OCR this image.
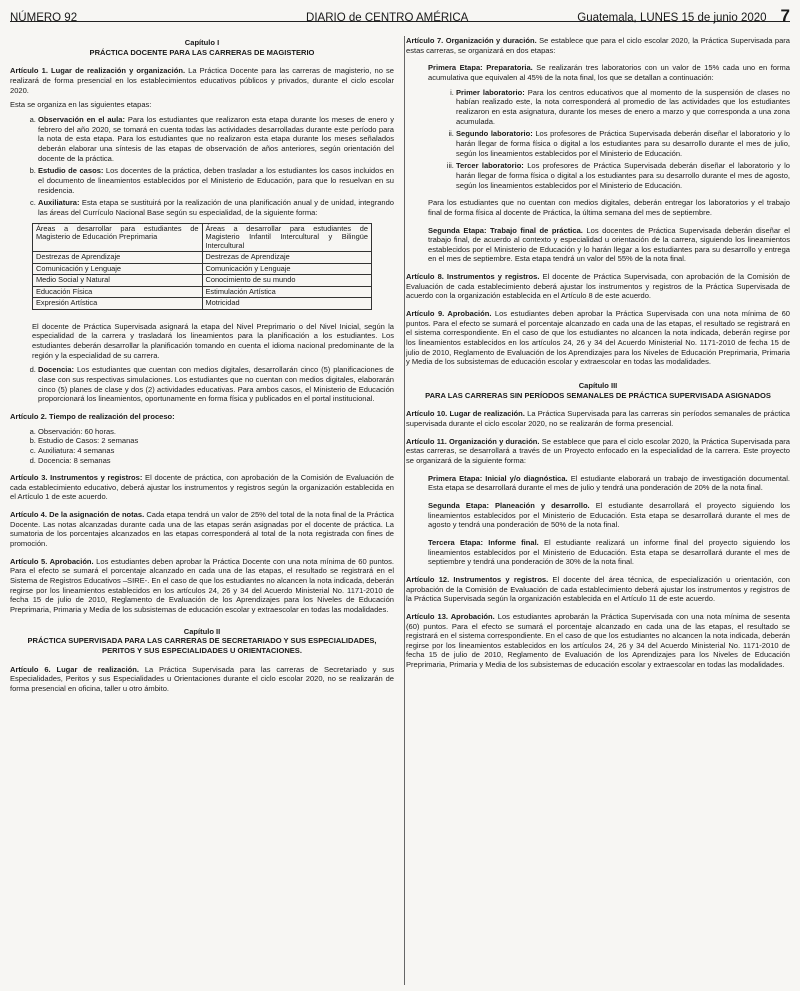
NÚMERO 92	DIARIO de CENTRO AMÉRICA	Guatemala, LUNES 15 de junio 2020 7

Capítulo I

PRÁCTICA DOCENTE PARA LAS CARRERAS DE MAGISTERIO

Artículo 1. Lugar de realización y organización. La Práctica Docente para las carreras de magisterio, no se realizará de forma presencial en los establecimientos educativos públicos y privados, durante el ciclo escolar 2020.

Esta se organiza en las siguientes etapas:

a. Observación en el aula: Para los estudiantes que realizaron esta etapa durante los meses de enero y febrero del año 2020, se tomará en cuenta todas las actividades desarrolladas durante este período para la nota de esta etapa. Para los estudiantes que no realizaron esta etapa durante los meses señalados deberán elaborar una síntesis de las etapas de observación de años anteriores, según orientación del docente de la práctica.
b. Estudio de casos: Los docentes de la práctica, deben trasladar a los estudiantes los casos incluidos en el documento de lineamientos establecidos por el Ministerio de Educación, para que lo resuelvan en su residencia.
c. Auxiliatura: Esta etapa se sustituirá por la realización de una planificación anual y de unidad, integrando las áreas del Currículo Nacional Base según su especialidad, de la siguiente forma:
Áreas a desarrollar para estudiantes de Magisterio de Educación Preprimaria	Áreas a desarrollar para estudiantes de Magisterio Infantil Intercultural y Bilingüe Intercultural
Destrezas de Aprendizaje	Destrezas de Aprendizaje
Comunicación y Lenguaje	Comunicación y Lenguaje
Medio Social y Natural	Conocimiento de su mundo
Educación Física	Estimulación Artística
Expresión Artística	Motricidad

El docente de Práctica Supervisada asignará la etapa del Nivel Preprimario o del Nivel Inicial, según la especialidad de la carrera y trasladará los lineamientos para la planificación a los estudiantes. Los estudiantes deberán desarrollar la planificación tomando en cuenta el idioma nacional predominante de la región y la especialidad de su carrera.

d. Docencia: Los estudiantes que cuentan con medios digitales, desarrollarán cinco (5) planificaciones de clase con sus respectivas simulaciones. Los estudiantes que no cuentan con medios digitales, elaborarán cinco (5) planes de clase y dos (2) actividades educativas. Para ambos casos, el Ministerio de Educación proporcionará los lineamientos, oportunamente en forma física y publicados en el portal institucional.

Artículo 2. Tiempo de realización del proceso:

a. Observación: 60 horas.
b. Estudio de Casos: 2 semanas
c. Auxiliatura: 4 semanas
d. Docencia: 8 semanas

Artículo 3. Instrumentos y registros: El docente de práctica, con aprobación de la Comisión de Evaluación de cada establecimiento educativo, deberá ajustar los instrumentos y registros según la organización establecida en el Artículo 1 de este acuerdo.

Artículo 4. De la asignación de notas. Cada etapa tendrá un valor de 25% del total de la nota final de la Práctica Docente. Las notas alcanzadas durante cada una de las etapas serán asignadas por el docente de práctica. La sumatoria de los porcentajes alcanzados en las etapas corresponderá al total de la nota registrada con fines de promoción.

Artículo 5. Aprobación. Los estudiantes deben aprobar la Práctica Docente con una nota mínima de 60 puntos. Para el efecto se sumará el porcentaje alcanzado en cada una de las etapas, el resultado se registrará en el Sistema de Registros Educativos –SIRE-. En el caso de que los estudiantes no alcancen la nota indicada, deberán regirse por los lineamientos establecidos en los artículos 24, 26 y 34 del Acuerdo Ministerial No. 1171-2010 de fecha 15 de julio de 2010, Reglamento de Evaluación de los Aprendizajes para los Niveles de Educación Preprimaria, Primaria y Media de los subsistemas de educación escolar y extraescolar en todas las modalidades.

Capítulo II

PRÁCTICA SUPERVISADA PARA LAS CARRERAS DE SECRETARIADO Y SUS ESPECIALIDADES, PERITOS Y SUS ESPECIALIDADES U ORIENTACIONES.

Artículo 6. Lugar de realización. La Práctica Supervisada para las carreras de Secretariado y sus Especialidades, Peritos y sus Especialidades u Orientaciones durante el ciclo escolar 2020, no se realizarán de forma presencial en oficina, taller u otro ámbito.

Artículo 7. Organización y duración. Se establece que para el ciclo escolar 2020, la Práctica Supervisada para estas carreras, se organizará en dos etapas:

Primera Etapa: Preparatoria. Se realizarán tres laboratorios con un valor de 15% cada uno en forma acumulativa que equivalen al 45% de la nota final, los que se detallan a continuación:

i. Primer laboratorio: Para los centros educativos que al momento de la suspensión de clases no habían realizado este, la nota corresponderá al promedio de las actividades que los estudiantes realizaron en esta asignatura, durante los meses de enero a marzo y que corresponda a una zona acumulada.
ii. Segundo laboratorio: Los profesores de Práctica Supervisada deberán diseñar el laboratorio y lo harán llegar de forma física o digital a los estudiantes para su desarrollo durante el mes de julio, según los lineamientos establecidos por el Ministerio de Educación.
iii. Tercer laboratorio: Los profesores de Práctica Supervisada deberán diseñar el laboratorio y lo harán llegar de forma física o digital a los estudiantes para su desarrollo durante el mes de agosto, según los lineamientos establecidos por el Ministerio de Educación.

Para los estudiantes que no cuentan con medios digitales, deberán entregar los laboratorios y el trabajo final de forma física al docente de Práctica, la última semana del mes de septiembre.

Segunda Etapa: Trabajo final de práctica. Los docentes de Práctica Supervisada deberán diseñar el trabajo final, de acuerdo al contexto y especialidad u orientación de la carrera, siguiendo los lineamientos establecidos por el Ministerio de Educación y lo harán llegar a los estudiantes para su desarrollo y entrega en el mes de septiembre. Esta etapa tendrá un valor del 55% de la nota final.

Artículo 8. Instrumentos y registros. El docente de Práctica Supervisada, con aprobación de la Comisión de Evaluación de cada establecimiento deberá ajustar los instrumentos y registros de la Práctica Supervisada de acuerdo con la organización establecida en el Artículo 8 de este acuerdo.

Artículo 9. Aprobación. Los estudiantes deben aprobar la Práctica Supervisada con una nota mínima de 60 puntos. Para el efecto se sumará el porcentaje alcanzado en cada una de las etapas, el resultado se registrará en el sistema correspondiente. En el caso de que los estudiantes no alcancen la nota indicada, deberán regirse por los lineamientos establecidos en los artículos 24, 26 y 34 del Acuerdo Ministerial No. 1171-2010 de fecha 15 de julio de 2010, Reglamento de Evaluación de los Aprendizajes para los Niveles de Educación Preprimaria, Primaria y Media de los subsistemas de educación escolar y extraescolar en todas las modalidades.

Capítulo III

PARA LAS CARRERAS SIN PERÍODOS SEMANALES DE PRÁCTICA SUPERVISADA ASIGNADOS

Artículo 10. Lugar de realización. La Práctica Supervisada para las carreras sin períodos semanales de práctica supervisada durante el ciclo escolar 2020, no se realizarán de forma presencial.

Artículo 11. Organización y duración. Se establece que para el ciclo escolar 2020, la Práctica Supervisada para estas carreras, se desarrollará a través de un Proyecto enfocado en la especialidad de la carrera. Este proyecto se organizará de la siguiente forma:

Primera Etapa: Inicial y/o diagnóstica. El estudiante elaborará un trabajo de investigación documental. Esta etapa se desarrollará durante el mes de julio y tendrá una ponderación de 20% de la nota final.

Segunda Etapa: Planeación y desarrollo. El estudiante desarrollará el proyecto siguiendo los lineamientos establecidos por el Ministerio de Educación. Esta etapa se desarrollará durante el mes de agosto y tendrá una ponderación de 50% de la nota final.

Tercera Etapa: Informe final. El estudiante realizará un informe final del proyecto siguiendo los lineamientos establecidos por el Ministerio de Educación. Esta etapa se desarrollará durante el mes de septiembre y tendrá una ponderación de 30% de la nota final.

Artículo 12. Instrumentos y registros. El docente del área técnica, de especialización u orientación, con aprobación de la Comisión de Evaluación de cada establecimiento deberá ajustar los instrumentos y registros de la Práctica Supervisada según la organización establecida en el Artículo 11 de este acuerdo.

Artículo 13. Aprobación. Los estudiantes aprobarán la Práctica Supervisada con una nota mínima de sesenta (60) puntos. Para el efecto se sumará el porcentaje alcanzado en cada una de las etapas, el resultado se registrará en el sistema correspondiente. En el caso de que los estudiantes no alcancen la nota indicada, deberán regirse por los lineamientos establecidos en los artículos 24, 26 y 34 del Acuerdo Ministerial No. 1171-2010 de fecha 15 de julio de 2010, Reglamento de Evaluación de los Aprendizajes para los Niveles de Educación Preprimaria, Primaria y Media de los subsistemas de educación escolar y extraescolar en todas las modalidades.
